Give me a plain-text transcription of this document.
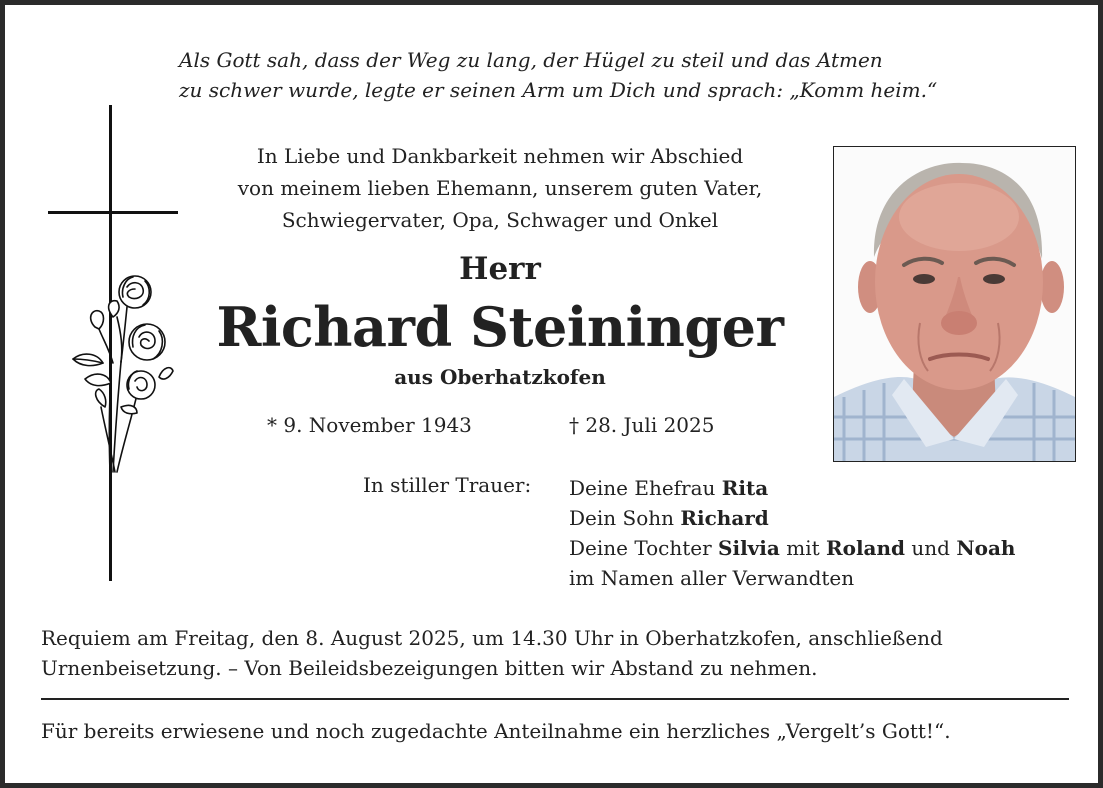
Als Gott sah, dass der Weg zu lang, der Hügel zu steil und das Atmen
zu schwer wurde, legte er seinen Arm um Dich und sprach: „Komm heim.“
In Liebe und Dankbarkeit nehmen wir Abschied
von meinem lieben Ehemann, unserem guten Vater,
Schwiegervater, Opa, Schwager und Onkel
Herr
Richard Steininger
aus Oberhatzkofen
* 9. November 1943	† 28. Juli 2025
In stiller Trauer: Deine Ehefrau Rita
Dein Sohn Richard
Deine Tochter Silvia mit Roland und Noah
im Namen aller Verwandten
Requiem am Freitag, den 8. August 2025, um 14.30 Uhr in Oberhatzkofen, anschließend
Urnenbeisetzung. – Von Beileidsbezeigungen bitten wir Abstand zu nehmen.
Für bereits erwiesene und noch zugedachte Anteilnahme ein herzliches „Vergelt’s Gott!“.
